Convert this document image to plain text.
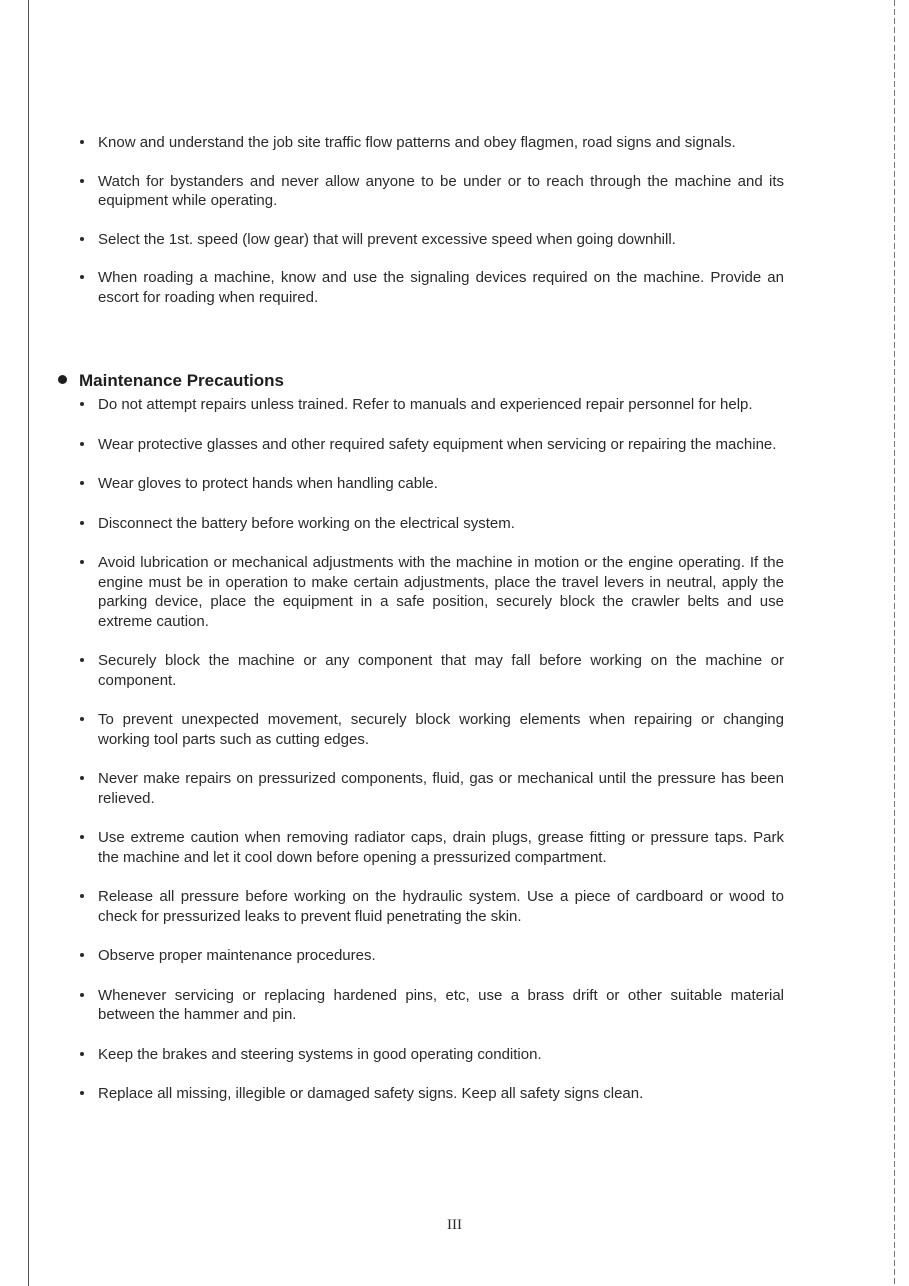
Know and understand the job site traffic flow patterns and obey flagmen, road signs and signals.
Watch for bystanders and never allow anyone to be under or to reach through the machine and its equipment while operating.
Select the 1st. speed (low gear) that will prevent excessive speed when going downhill.
When roading a machine, know and use the signaling devices required on the machine. Provide an escort for roading when required.
Maintenance Precautions
Do not attempt repairs unless trained. Refer to manuals and experienced repair personnel for help.
Wear protective glasses and other required safety equipment when servicing or repairing the machine.
Wear gloves to protect hands when handling cable.
Disconnect the battery before working on the electrical system.
Avoid lubrication or mechanical adjustments with the machine in motion or the engine operating. If the engine must be in operation to make certain adjustments, place the travel levers in neutral, apply the parking device, place the equipment in a safe position, securely block the crawler belts and use extreme caution.
Securely block the machine or any component that may fall before working on the machine or component.
To prevent unexpected movement, securely block working elements when repairing or changing working tool parts such as cutting edges.
Never make repairs on pressurized components, fluid, gas or mechanical until the pressure has been relieved.
Use extreme caution when removing radiator caps, drain plugs, grease fitting or pressure taps. Park the machine and let it cool down before opening a pressurized compartment.
Release all pressure before working on the hydraulic system. Use a piece of cardboard or wood to check for pressurized leaks to prevent fluid penetrating the skin.
Observe proper maintenance procedures.
Whenever servicing or replacing hardened pins, etc, use a brass drift or other suitable material between the hammer and pin.
Keep the brakes and steering systems in good operating condition.
Replace all missing, illegible or damaged safety signs. Keep all safety signs clean.
III
